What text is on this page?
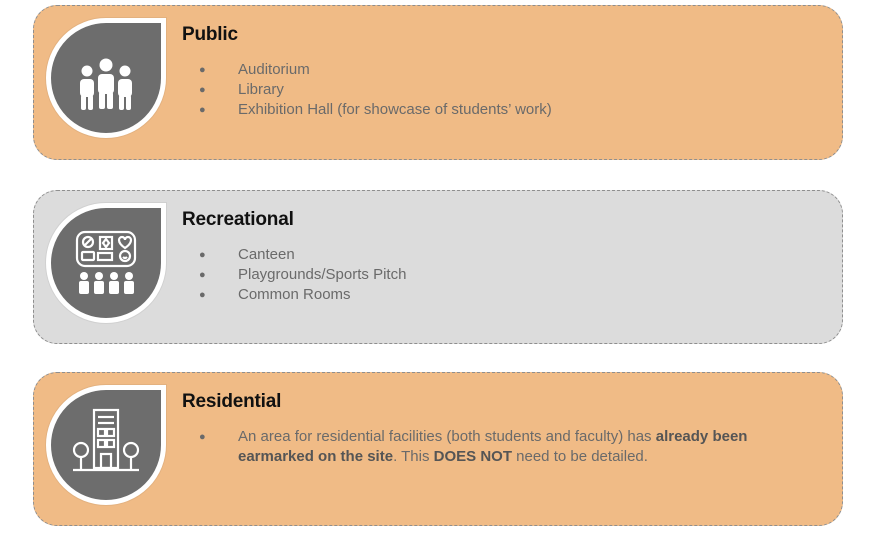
Public
● Auditorium
● Library
● Exhibition Hall (for showcase of students’ work)
Recreational
● Canteen
● Playgrounds/Sports Pitch
● Common Rooms
Residential
● An area for residential facilities (both students and faculty) has already been earmarked on the site. This DOES NOT need to be detailed.
